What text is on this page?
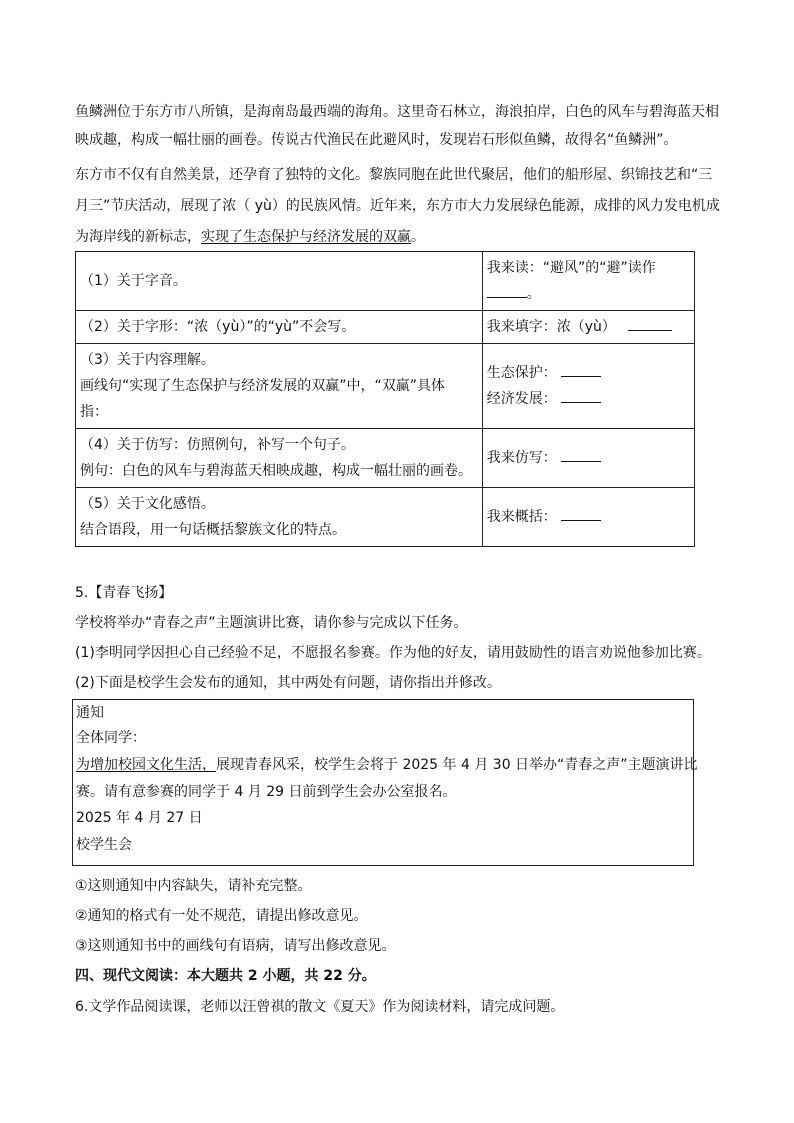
鱼鳞洲位于东方市八所镇，是海南岛最西端的海角。这里奇石林立，海浪拍岸，白色的风车与碧海蓝天相
映成趣，构成一幅壮丽的画卷。传说古代渔民在此避风时，发现岩石形似鱼鳞，故得名“鱼鳞洲”。
东方市不仅有自然美景，还孕育了独特的文化。黎族同胞在此世代聚居，他们的船形屋、织锦技艺和“三
月三”节庆活动，展现了浓（ yù）的民族风情。近年来，东方市大力发展绿色能源，成排的风力发电机成
为海岸线的新标志，实现了生态保护与经济发展的双赢。
（1）关于字音。	我来读：“避风”的“避”读作
。

（2）关于字形：“浓（yù）”的“yù”不会写。	我来填字：浓（yù）

（3）关于内容理解。
画线句“实现了生态保护与经济发展的双赢”中，“双赢”具体
指：	生态保护：
经济发展：

（4）关于仿写：仿照例句，补写一个句子。
例句：白色的风车与碧海蓝天相映成趣，构成一幅壮丽的画卷。	我来仿写：

（5）关于文化感悟。
结合语段，用一句话概括黎族文化的特点。	我来概括：
5.【青春飞扬】
学校将举办“青春之声”主题演讲比赛，请你参与完成以下任务。
(1)李明同学因担心自己经验不足，不愿报名参赛。作为他的好友，请用鼓励性的语言劝说他参加比赛。
(2)下面是校学生会发布的通知，其中两处有问题，请你指出并修改。
通知
全体同学：
为增加校园文化生活，展现青春风采，校学生会将于 2025 年 4 月 30 日举办“青春之声”主题演讲比
赛。请有意参赛的同学于 4 月 29 日前到学生会办公室报名。
2025 年 4 月 27 日
校学生会
①这则通知中内容缺失，请补充完整。
②通知的格式有一处不规范，请提出修改意见。
③这则通知书中的画线句有语病，请写出修改意见。
四、现代文阅读：本大题共 2 小题，共 22 分。
6.文学作品阅读课，老师以汪曾祺的散文《夏天》作为阅读材料，请完成问题。
